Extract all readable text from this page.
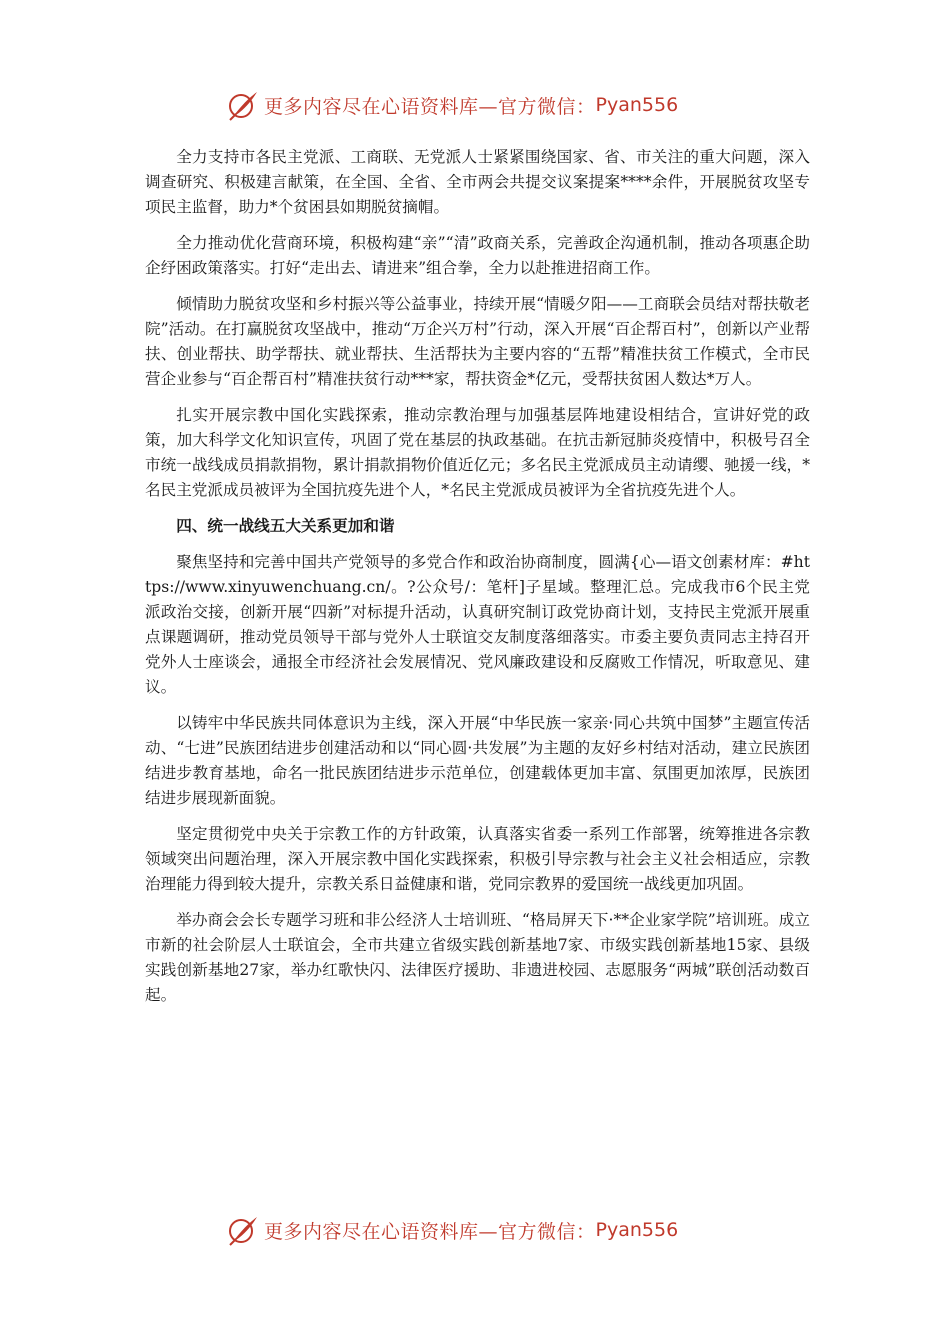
更多内容尽在心语资料库—官方微信： Pyan556

全力支持市各民主党派、工商联、无党派人士紧紧围绕国家、省、市关注的重大问题，深入调查研究、积极建言献策，在全国、全省、全市两会共提交议案提案****余件，开展脱贫攻坚专项民主监督，助力*个贫困县如期脱贫摘帽。

全力推动优化营商环境，积极构建“亲”“清”政商关系，完善政企沟通机制，推动各项惠企助企纾困政策落实。打好“走出去、请进来”组合拳，全力以赴推进招商工作。

倾情助力脱贫攻坚和乡村振兴等公益事业，持续开展“情暖夕阳——工商联会员结对帮扶敬老院”活动。在打赢脱贫攻坚战中，推动“万企兴万村”行动，深入开展“百企帮百村”，创新以产业帮扶、创业帮扶、助学帮扶、就业帮扶、生活帮扶为主要内容的“五帮”精准扶贫工作模式，全市民营企业参与“百企帮百村”精准扶贫行动***家，帮扶资金*亿元，受帮扶贫困人数达*万人。

扎实开展宗教中国化实践探索，推动宗教治理与加强基层阵地建设相结合，宣讲好党的政策，加大科学文化知识宣传，巩固了党在基层的执政基础。在抗击新冠肺炎疫情中，积极号召全市统一战线成员捐款捐物，累计捐款捐物价值近亿元；多名民主党派成员主动请缨、驰援一线，*名民主党派成员被评为全国抗疫先进个人，*名民主党派成员被评为全省抗疫先进个人。

四、统一战线五大关系更加和谐

聚焦坚持和完善中国共产党领导的多党合作和政治协商制度，圆满{心—语文创素材库：#https://www.xinyuwenchuang.cn/。?公众号/：笔杆]子星域。整理汇总。完成我市6个民主党派政治交接，创新开展“四新”对标提升活动，认真研究制订政党协商计划，支持民主党派开展重点课题调研，推动党员领导干部与党外人士联谊交友制度落细落实。市委主要负责同志主持召开党外人士座谈会，通报全市经济社会发展情况、党风廉政建设和反腐败工作情况，听取意见、建议。

以铸牢中华民族共同体意识为主线，深入开展“中华民族一家亲·同心共筑中国梦”主题宣传活动、“七进”民族团结进步创建活动和以“同心圆·共发展”为主题的友好乡村结对活动，建立民族团结进步教育基地，命名一批民族团结进步示范单位，创建载体更加丰富、氛围更加浓厚，民族团结进步展现新面貌。

坚定贯彻党中央关于宗教工作的方针政策，认真落实省委一系列工作部署，统筹推进各宗教领域突出问题治理，深入开展宗教中国化实践探索，积极引导宗教与社会主义社会相适应，宗教治理能力得到较大提升，宗教关系日益健康和谐，党同宗教界的爱国统一战线更加巩固。

举办商会会长专题学习班和非公经济人士培训班、“格局屏天下·**企业家学院”培训班。成立市新的社会阶层人士联谊会，全市共建立省级实践创新基地7家、市级实践创新基地15家、县级实践创新基地27家，举办红歌快闪、法律医疗援助、非遗进校园、志愿服务“两城”联创活动数百起。

更多内容尽在心语资料库—官方微信： Pyan556
